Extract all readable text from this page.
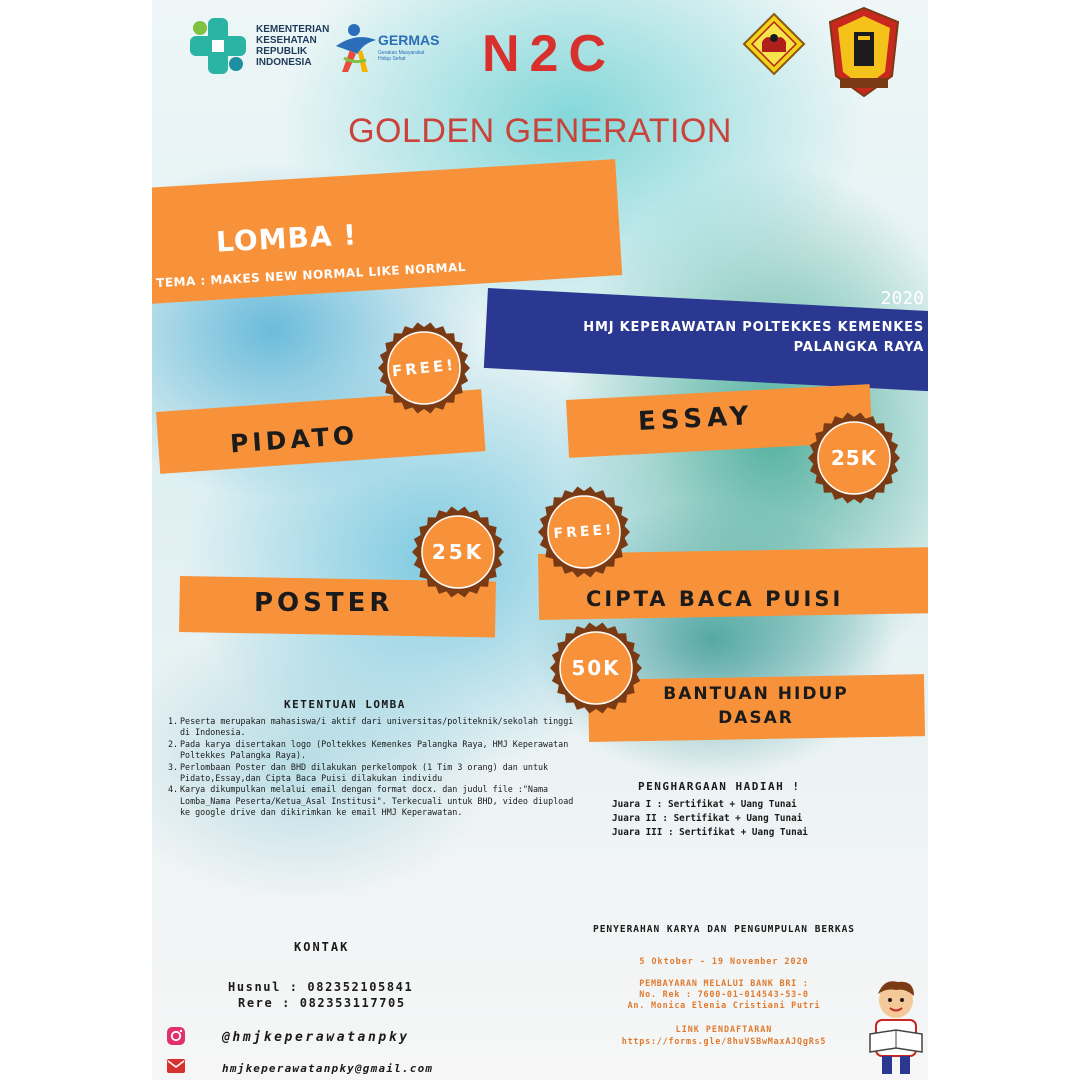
KEMENTERIAN
KESEHATAN
REPUBLIK
INDONESIA
GERMAS
Gerakan Masyarakat Hidup Sehat	N2C
GOLDEN GENERATION
LOMBA !
TEMA : MAKES NEW NORMAL LIKE NORMAL
2020
HMJ KEPERAWATAN POLTEKKES KEMENKES
PALANGKA RAYA
PIDATO
ESSAY
POSTER	CIPTA BACA PUISI
BANTUAN HIDUP
DASAR
FREE!
25K
25K
FREE!
50K
KETENTUAN LOMBA
1. Peserta merupakan mahasiswa/i aktif dari universitas/politeknik/sekolah tinggi di Indonesia.
2. Pada karya disertakan logo (Poltekkes Kemenkes Palangka Raya, HMJ Keperawatan Poltekkes Palangka Raya).
3. Perlombaan Poster dan BHD dilakukan perkelompok (1 Tim 3 orang) dan untuk Pidato,Essay,dan Cipta Baca Puisi dilakukan individu
4. Karya dikumpulkan melalui email dengan format docx. dan judul file :"Nama Lomba_Nama Peserta/Ketua_Asal Institusi". Terkecuali untuk BHD, video diupload ke google drive dan dikirimkan ke email HMJ Keperawatan.
PENGHARGAAN HADIAH !
Juara I : Sertifikat + Uang Tunai
Juara II : Sertifikat + Uang Tunai
Juara III : Sertifikat + Uang Tunai
KONTAK
Husnul : 082352105841
Rere : 082353117705
@hmjkeperawatanpky
hmjkeperawatanpky@gmail.com
PENYERAHAN KARYA DAN PENGUMPULAN BERKAS
5 Oktober - 19 November 2020
PEMBAYARAN MELALUI BANK BRI :
No. Rek : 7600-01-014543-53-0
An. Monica Elenia Cristiani Putri
LINK PENDAFTARAN
https://forms.gle/8huVSBwMaxAJQgRs5
